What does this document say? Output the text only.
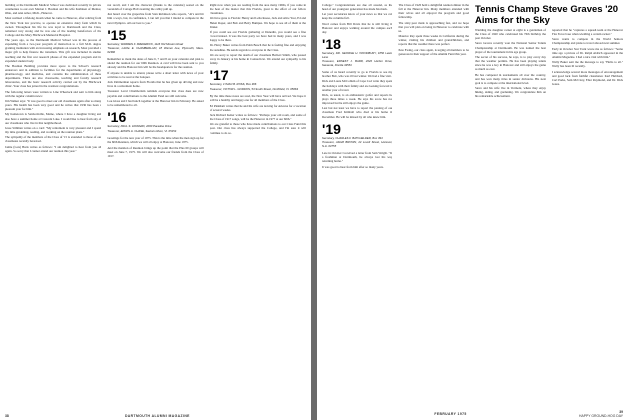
building at the Dartmouth Medical School was dedicated recently in private ceremonies to our own Marion J. Bosman and his wife Kathleen of Mentor, Ohio, and Ann Arbor, Mich., Hanover.

Most realized a lifelong dream when he came to Hanover, after retiring from the New York law practice, to operate an extensive dairy farm which he owned. Throughout his life he was loyal to Dartmouth and the Class, remained very strong and he was one of the leading benefactors of the College and the Mary Hitchcock Memorial Hospital.

The years ago, as the Dartmouth Medical School was in the process of expanding from a two-year program of instruction to a full M.D. degree granting institution with an increasing emphasis on research, Most provided a major gift to help finance the transition. This gift was included in studies teaching and the first rest research phases of the expanded program and its expanded student body.

The Bosman Building provides more space to the School's research endeavors and in addition to facilities for the departments of physiology, pharmacology, and medicine, and contains the administration of these departments. There are also classrooms, teaching and faculty research laboratories, and the basic research activity carried out by the Hitchcock clinic. Your class has joined in the warmest congratulations.

The following letters were written to Line Wheelock and sent to him along with the regular column news:

Jim Walker says: "It was good to meet our old classmates again after so many years. His health has been very good and he writes that 1936 has been a pleasant year for him."

My hometown is Sanbornville, Maine, where I have a daughter living and also have a summer home at Crescent Lake. I would like to hear from any of our classmates who live in that neighborhood.

Jesse Stillman writes on a card: "My retirement is very pleasant and I spend my time gardening, reading, and working on the reunion plans."

The sympathy of the members of the Class of '15 is extended to those of our classmates recently bereaved.

Jamie (Lars) Buck writes as follows: "I am delighted to hear from you all again. So sorry that I cannot attend our reunion this year."

not recall, and I am the character (thanks to the calendar) seated on the verandah of Cottage Hall awaiting the cabby pull up.

Just heard over the grapevine from Stan Robinson who reports, "Al's and hit him a ways, but, in confidence, I can tell you that I intend to compete in the next Olympics. All our best to you."

'15

Secretary, WARREN F. FREDERICK, 1116 Old Mission Road

Treasurer, LAVAL E. CHAMBERLAIN, 18 Warren Ave, Plymouth, Mass. 02360

Remember to mark the dates of June 6, 7 and 8 on your calendar and plan to attend the reunion for our 60th Reunion. A card will have been sent to you already and the Hanover Inn will be the headquarters for the reunion.

If anyone is unable to attend, please write a short letter with news of your activities to be read at the banquet.

Jack Zimmerman reports from Florida that he has given up driving and now lives in a retirement home.

Treasurer Laval Chamberlain reminds everyone that class dues are now payable and contributions to the Alumni Fund are still welcome.

Lou Glass and I had lunch together at the Hanover Inn in February. He asked to be remembered to all.

'16

Secretary, PAUL S. HOWARD, 2000 Paradise Drive

Treasurer, EDWIN H. CHASE, Saxtons River, Vt. 05154

Greetings for the new year of 1975. This is the time when the men sign up for the 60th Reunion, which we will all enjoy at Hanover, June 1975.

And the mention of Reunion brings up the point that the Plus 60 groups will meet on June 7, 1975. We will also welcome our friends from the Class of 1917.

Right now when you are reading from the area many 1960s, if you come in the heat of the matter that this Florida, great is the effort of our fellow classmates.

We have gone to Florida: Henry and Lelia Reese, Jack and Alice Yost, Ed and Helen Roper, and Bob and Betty Bumpus. We hope to see all of them at the dinner.

If you could see our Florida gathering at Dunedin, you would see a fine crowd indeed. It was the best party we have had in many years, and I was happy to be there.

Dr. Harry Baker writes from Palm Beach that he is feeling fine and enjoying the sunshine. He sends regards to everyone in the Class.

We are sorry to report the death of our classmate Herbert Smith, who passed away in January at his home in Connecticut. We extend our sympathy to his family.

'17

Secretary, LYMAN B. ROSS, Box 366

Treasurer, VICTOR L. GORDON, 53 South Street, Northfield, Vt. 05663

By the time these notes are read, the New Year will have arrived. We hope it will be a healthy and happy one for all members of the Class.

Ed Pinkham writes that he and his wife are leaving for Arizona for a vacation of several weeks.

Jack Richard Keiter writes as follows: "Perhaps your old room, and some of the Class of 1917 songs, will be the Hanover in 1977 at our 60th."

We are grateful to those who have made contributions to our Class Fund this year. Our class has always supported the College, and I'm sure it will continue to do so.

38	DARTMOUTH ALUMNI MAGAZINE

College." Congratulations are due all around, as the head of our youngster generation has made his mark.

Let your secretaries know of your news so that we can keep the columns full.

Word comes from Bill Davis that he is still living in Hanover and enjoys walking around the campus each day.

'18

Secretary, DR. GEORGE H. WOODBURY, 1850 Lewis Lane

Treasurer, ERNEST J. BARR, 2020 Harbor Drive, Sarasota, Florida 33581

Some of us heard recently to go to Florida to see my brother Bob, who was ill last winter. We had a fine visit.

Dick and Laura McCollum of Cape Cod write they spent the holidays with their family and are looking forward to another year of travel.

Dick, as usual, is an enthusiastic golfer and reports he plays three times a week. He says his score has not improved but he still enjoys the game.

Last but not least we have to report the passing of our classmate Fred Kimball who died at his home in December. He will be missed by all who knew him.

'19

Secretary, CHARLES F. BATCHELDER, Box 393

Treasurer, ADAM BROWN, 24 Lovell Street, Hanover, N.H. 03755

Late in October I received a letter from Sam Wright. "In a freshman at Dartmouth, he always lost his way returning home."

It was good to hear from him after so many years.

The Class of 1920 held a delightful reunion dinner in the fall at the Hanover Inn. Many members attended with their wives and all enjoyed the program and good fellowship.

The sixty-year mark is approaching fast, and we hope that you will plan on being in Hanover to celebrate with us.

Maurice Ray spent three weeks in California during the winter, visiting his children and grandchildren, and reports that the weather there was perfect.

Pete Ewing, our class agent, is urging all members to be generous in their support of the Alumni Fund this year.

Tennis Champ Steve Graves '20 Aims for the Sky

Wielding the daughter racket at eight is a gentleman of the Class of 1920 who celebrated his 76th birthday the past October.

Steve Graves recently won the National Senior Tennis Championship at Dartmouth. He was named the best player of the tournament in his age group.

The secret of his success, he says, is to play every day that the weather permits. He has been playing tennis since he was a boy in Hanover and still enjoys the game as much as ever.

He has competed in tournaments all over the country, and has won many titles in senior divisions. His next goal is to compete at the international level.

Steve and his wife live in Vermont, where they enjoy hiking, skiing, and gardening. We congratulate him on his remarkable achievement.

reported that he "captures a squash team at the Hanover Fire Force base when wielding a certain racket."

Steve wants to compete in the World Seniors Championship and plans to travel abroad next summer.

Early in October Star Trent wrote me as follows: "Some time ago a picture of Dr. Ralph Aldrich appeared in the Alumni Magazine. I had a nice visit with him."

Wally Baker sent me the message to say "Hello to all." Wally has been ill recently.

I acknowledge several more messages of encouragement and good luck from faithful classmates: Karl Hubbard, Carl Parks, Sam McClary, Eliot Raymond, and Dr. Dick Gates.

FEBRUARY 1975	39
HAPPY GROUND-HOG DAY
